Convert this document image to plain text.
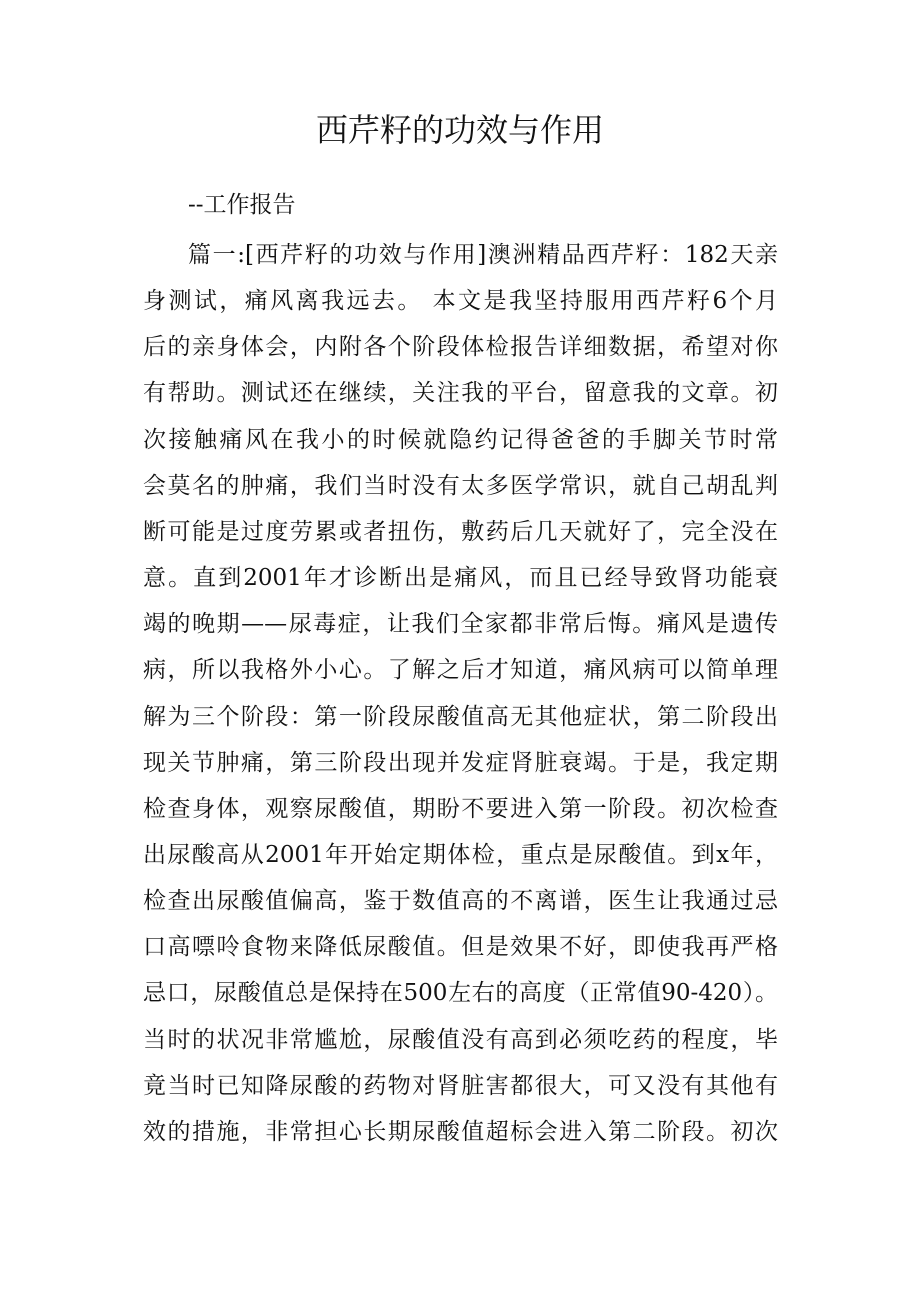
西芹籽的功效与作用
--工作报告
篇一:[西芹籽的功效与作用]澳洲精品西芹籽：182天亲
身测试，痛风离我远去。 本文是我坚持服用西芹籽6个月
后的亲身体会，内附各个阶段体检报告详细数据，希望对你
有帮助。测试还在继续，关注我的平台，留意我的文章。初
次接触痛风在我小的时候就隐约记得爸爸的手脚关节时常
会莫名的肿痛，我们当时没有太多医学常识，就自己胡乱判
断可能是过度劳累或者扭伤，敷药后几天就好了，完全没在
意。直到2001年才诊断出是痛风，而且已经导致肾功能衰
竭的晚期——尿毒症，让我们全家都非常后悔。痛风是遗传
病，所以我格外小心。了解之后才知道，痛风病可以简单理
解为三个阶段：第一阶段尿酸值高无其他症状，第二阶段出
现关节肿痛，第三阶段出现并发症肾脏衰竭。于是，我定期
检查身体，观察尿酸值，期盼不要进入第一阶段。初次检查
出尿酸高从2001年开始定期体检，重点是尿酸值。到x年，
检查出尿酸值偏高，鉴于数值高的不离谱，医生让我通过忌
口高嘌呤食物来降低尿酸值。但是效果不好，即使我再严格
忌口，尿酸值总是保持在500左右的高度（正常值90-420）。
当时的状况非常尴尬，尿酸值没有高到必须吃药的程度，毕
竟当时已知降尿酸的药物对肾脏害都很大，可又没有其他有
效的措施，非常担心长期尿酸值超标会进入第二阶段。初次
